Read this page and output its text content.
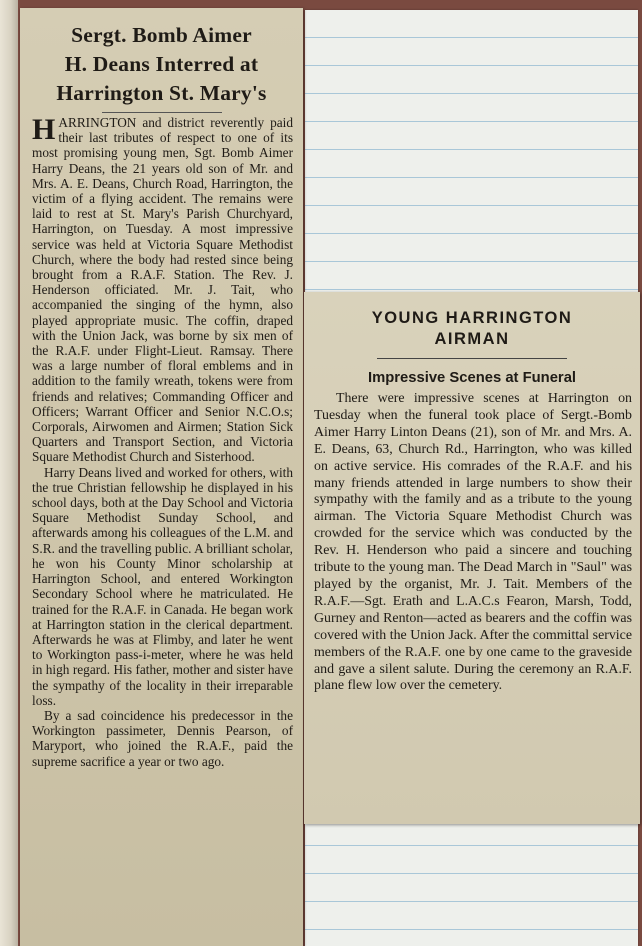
Sergt. Bomb Aimer
H. Deans Interred at
Harrington St. Mary's

HARRINGTON and district reverently paid their last tributes of respect to one of its most promising young men, Sgt. Bomb Aimer Harry Deans, the 21 years old son of Mr. and Mrs. A. E. Deans, Church Road, Harrington, the victim of a flying accident. The remains were laid to rest at St. Mary's Parish Churchyard, Harrington, on Tuesday. A most impressive service was held at Victoria Square Methodist Church, where the body had rested since being brought from a R.A.F. Station. The Rev. J. Henderson officiated. Mr. J. Tait, who accompanied the singing of the hymn, also played appropriate music. The coffin, draped with the Union Jack, was borne by six men of the R.A.F. under Flight-Lieut. Ramsay. There was a large number of floral emblems and in addition to the family wreath, tokens were from friends and relatives; Commanding Officer and Officers; Warrant Officer and Senior N.C.O.s; Corporals, Airwomen and Airmen; Station Sick Quarters and Transport Section, and Victoria Square Methodist Church and Sisterhood.

Harry Deans lived and worked for others, with the true Christian fellowship he displayed in his school days, both at the Day School and Victoria Square Methodist Sunday School, and afterwards among his colleagues of the L.M. and S.R. and the travelling public. A brilliant scholar, he won his County Minor scholarship at Harrington School, and entered Workington Secondary School where he matriculated. He trained for the R.A.F. in Canada. He began work at Harrington station in the clerical department. Afterwards he was at Flimby, and later he went to Workington pass-i-meter, where he was held in high regard. His father, mother and sister have the sympathy of the locality in their irreparable loss.

By a sad coincidence his predecessor in the Workington passimeter, Dennis Pearson, of Maryport, who joined the R.A.F., paid the supreme sacrifice a year or two ago.

YOUNG HARRINGTON
AIRMAN
Impressive Scenes at Funeral

There were impressive scenes at Harrington on Tuesday when the funeral took place of Sergt.-Bomb Aimer Harry Linton Deans (21), son of Mr. and Mrs. A. E. Deans, 63, Church Rd., Harrington, who was killed on active service. His comrades of the R.A.F. and his many friends attended in large numbers to show their sympathy with the family and as a tribute to the young airman. The Victoria Square Methodist Church was crowded for the service which was conducted by the Rev. H. Henderson who paid a sincere and touching tribute to the young man. The Dead March in "Saul" was played by the organist, Mr. J. Tait. Members of the R.A.F.—Sgt. Erath and L.A.C.s Fearon, Marsh, Todd, Gurney and Renton—acted as bearers and the coffin was covered with the Union Jack. After the committal service members of the R.A.F. one by one came to the graveside and gave a silent salute. During the ceremony an R.A.F. plane flew low over the cemetery.
